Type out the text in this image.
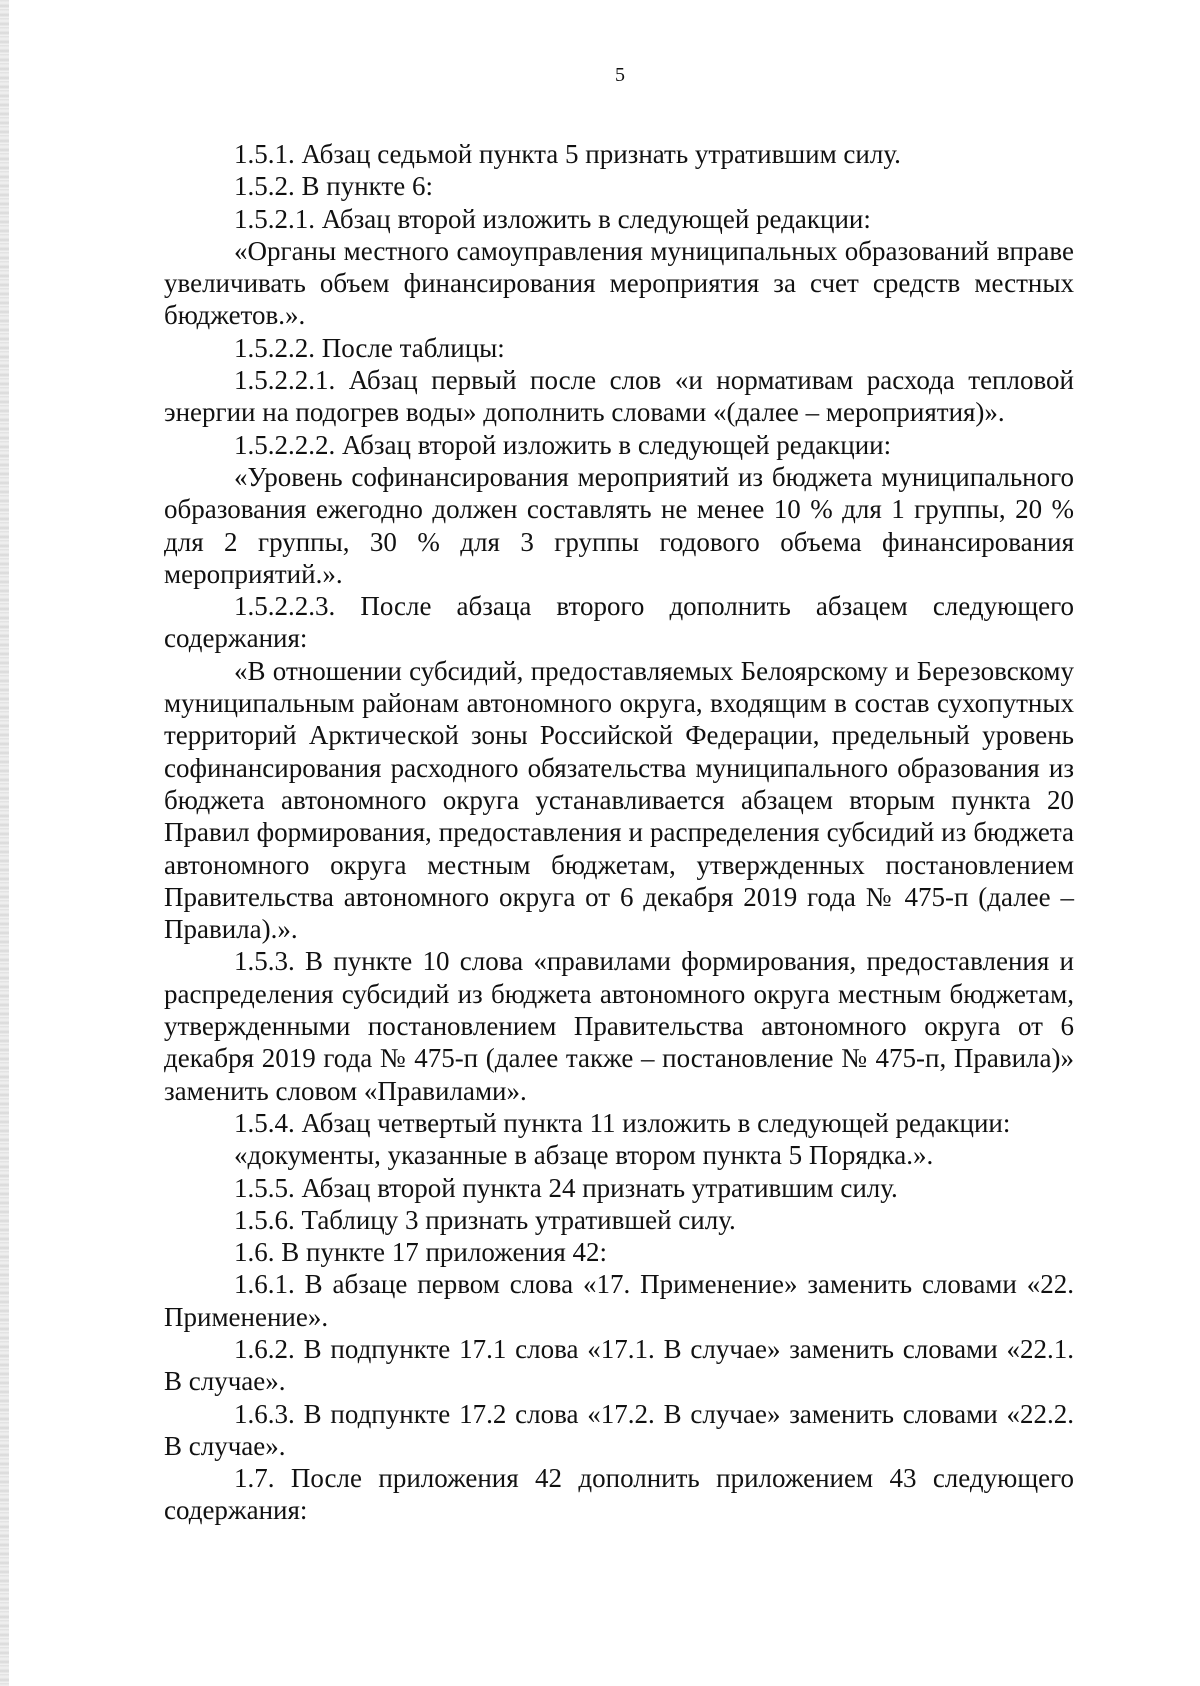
5

1.5.1. Абзац седьмой пункта 5 признать утратившим силу.

1.5.2. В пункте 6:

1.5.2.1. Абзац второй изложить в следующей редакции:

«Органы местного самоуправления муниципальных образований вправе увеличивать объем финансирования мероприятия за счет средств местных бюджетов.».

1.5.2.2. После таблицы:

1.5.2.2.1. Абзац первый после слов «и нормативам расхода тепловой энергии на подогрев воды» дополнить словами «(далее – мероприятия)».

1.5.2.2.2. Абзац второй изложить в следующей редакции:

«Уровень софинансирования мероприятий из бюджета муниципального образования ежегодно должен составлять не менее 10 % для 1 группы, 20 % для 2 группы, 30 % для 3 группы годового объема финансирования мероприятий.».

1.5.2.2.3. После абзаца второго дополнить абзацем следующего содержания:

«В отношении субсидий, предоставляемых Белоярскому и Березовскому муниципальным районам автономного округа, входящим в состав сухопутных территорий Арктической зоны Российской Федерации, предельный уровень софинансирования расходного обязательства муниципального образования из бюджета автономного округа устанавливается абзацем вторым пункта 20 Правил формирования, предоставления и распределения субсидий из бюджета автономного округа местным бюджетам, утвержденных постановлением Правительства автономного округа от 6 декабря 2019 года № 475-п (далее – Правила).».

1.5.3. В пункте 10 слова «правилами формирования, предоставления и распределения субсидий из бюджета автономного округа местным бюджетам, утвержденными постановлением Правительства автономного округа от 6 декабря 2019 года № 475-п (далее также – постановление № 475-п, Правила)» заменить словом «Правилами».

1.5.4. Абзац четвертый пункта 11 изложить в следующей редакции:

«документы, указанные в абзаце втором пункта 5 Порядка.».

1.5.5. Абзац второй пункта 24 признать утратившим силу.

1.5.6. Таблицу 3 признать утратившей силу.

1.6. В пункте 17 приложения 42:

1.6.1. В абзаце первом слова «17. Применение» заменить словами «22. Применение».

1.6.2. В подпункте 17.1 слова «17.1. В случае» заменить словами «22.1. В случае».

1.6.3. В подпункте 17.2 слова «17.2. В случае» заменить словами «22.2. В случае».

1.7. После приложения 42 дополнить приложением 43 следующего содержания:
